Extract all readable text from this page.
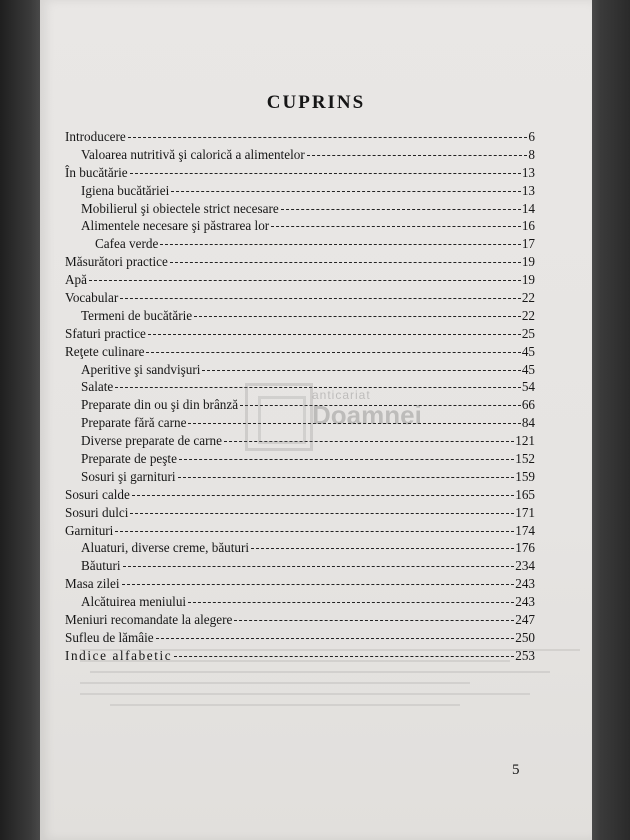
CUPRINS
Introducere	6
Valoarea nutritivă şi calorică a alimentelor	8
În bucătărie	13
Igiena bucătăriei	13
Mobilierul şi obiectele strict necesare	14
Alimentele necesare şi păstrarea lor	16
Cafea verde	17
Măsurători practice	19
Apă	19
Vocabular	22
Termeni de bucătărie	22
Sfaturi practice	25
Reţete culinare	45
Aperitive şi sandvişuri	45
Salate	54
Preparate din ou şi din brânză	66
Preparate fără carne	84
Diverse preparate de carne	121
Preparate de peşte	152
Sosuri şi garnituri	159
Sosuri calde	165
Sosuri dulci	171
Garnituri	174
Aluaturi, diverse creme, băuturi	176
Băuturi	234
Masa zilei	243
Alcătuirea meniului	243
Meniuri recomandate la alegere	247
Sufleu de lămâie	250
Indice alfabetic	253
anticariat
Doamnei
5
